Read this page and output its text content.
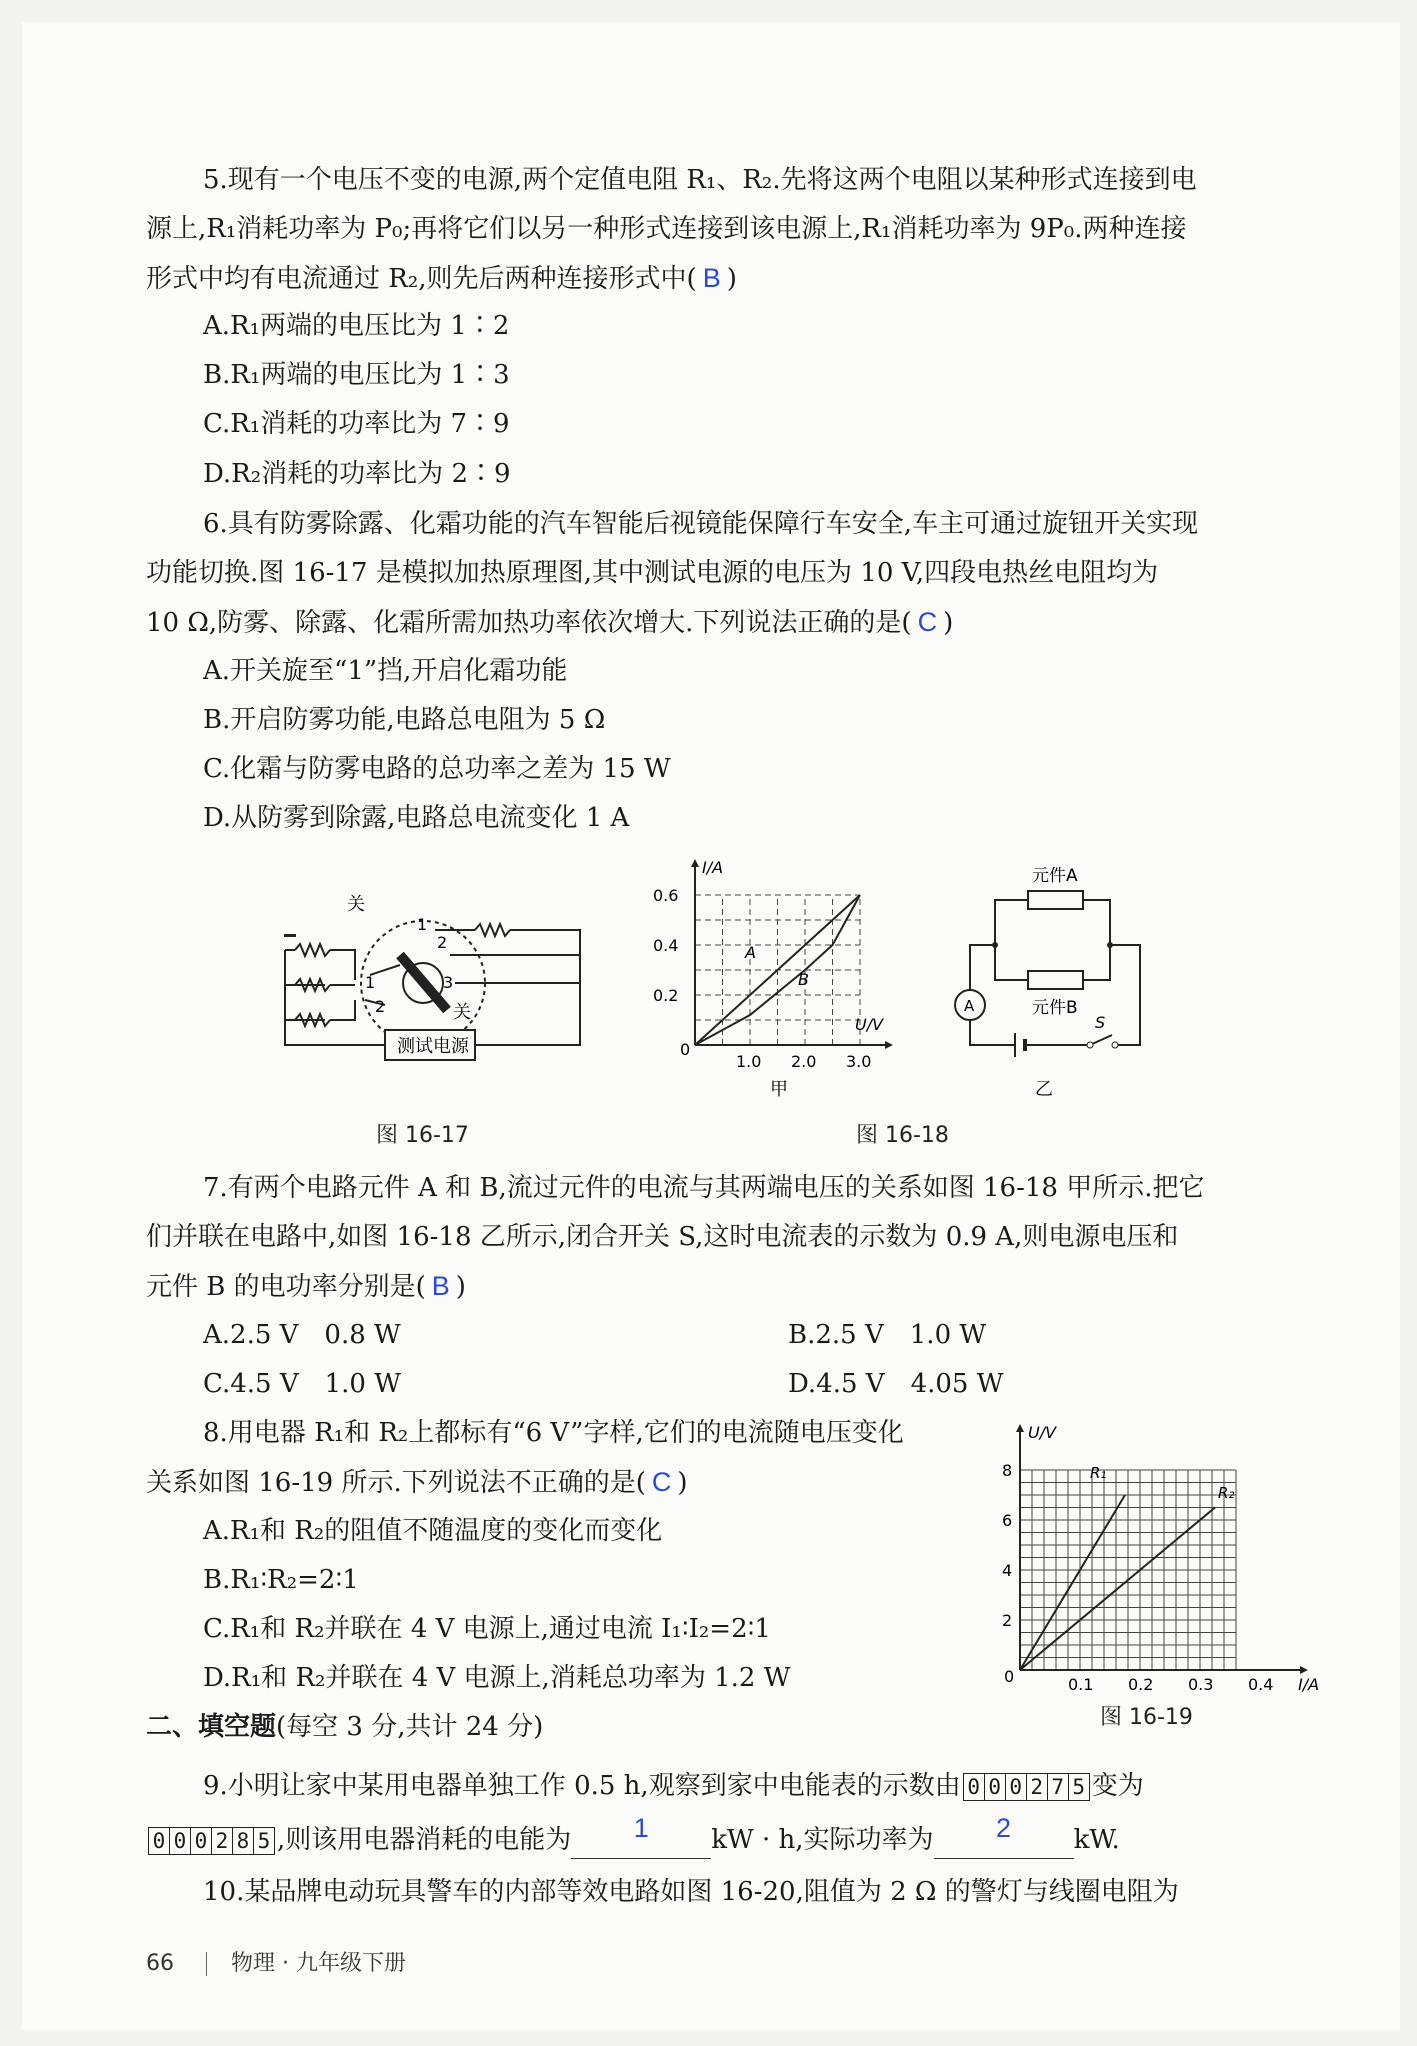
5.现有一个电压不变的电源,两个定值电阻 R₁、R₂.先将这两个电阻以某种形式连接到电
源上,R₁消耗功率为 P₀;再将它们以另一种形式连接到该电源上,R₁消耗功率为 9P₀.两种连接
形式中均有电流通过 R₂,则先后两种连接形式中( B )
A.R₁两端的电压比为 1∶2
B.R₁两端的电压比为 1∶3
C.R₁消耗的功率比为 7∶9
D.R₂消耗的功率比为 2∶9
6.具有防雾除露、化霜功能的汽车智能后视镜能保障行车安全,车主可通过旋钮开关实现
功能切换.图 16-17 是模拟加热原理图,其中测试电源的电压为 10 V,四段电热丝电阻均为
10 Ω,防雾、除露、化霜所需加热功率依次增大.下列说法正确的是( C )
A.开关旋至“1”挡,开启化霜功能
B.开启防雾功能,电路总电阻为 5 Ω
C.化霜与防雾电路的总功率之差为 15 W
D.从防雾到除露,电路总电流变化 1 A
关
关
1
2
3
1
2
测试电源
图 16-17
1.0 2.0 3.0
0.2
0.4
0.6
I/A
U/V
0
A
B
甲
元件A
元件B
A
S
乙
图 16-18
7.有两个电路元件 A 和 B,流过元件的电流与其两端电压的关系如图 16-18 甲所示.把它
们并联在电路中,如图 16-18 乙所示,闭合开关 S,这时电流表的示数为 0.9 A,则电源电压和
元件 B 的电功率分别是( B )
A.2.5 V　0.8 W	B.2.5 V　1.0 W
C.4.5 V　1.0 W	D.4.5 V　4.05 W
8.用电器 R₁和 R₂上都标有“6 V”字样,它们的电流随电压变化
关系如图 16-19 所示.下列说法不正确的是( C )
A.R₁和 R₂的阻值不随温度的变化而变化
B.R₁∶R₂=2∶1
C.R₁和 R₂并联在 4 V 电源上,通过电流 I₁∶I₂=2∶1
D.R₁和 R₂并联在 4 V 电源上,消耗总功率为 1.2 W	0.1 0.2 0.3 0.4
2
4
6
8
U/V
I/A
0
R₁
R₂
图 16-19
二、填空题(每空 3 分,共计 24 分)
9.小明让家中某用电器单独工作 0.5 h,观察到家中电能表的示数由 0 0 0 2 7 5 变为
0 0 0 2 8 5 ,则该用电器消耗的电能为	1	kW · h,实际功率为	2	kW.
10.某品牌电动玩具警车的内部等效电路如图 16-20,阻值为 2 Ω 的警灯与线圈电阻为
66	物理 · 九年级下册
